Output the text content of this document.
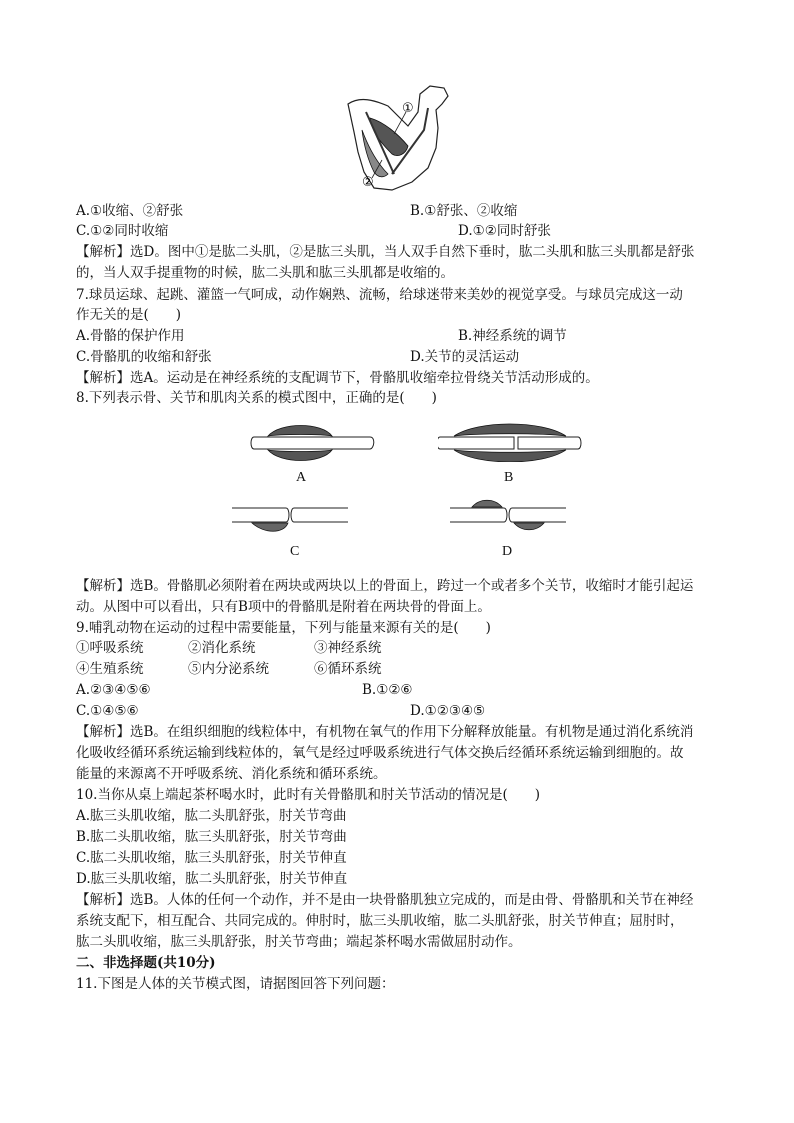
①
②
A.①收缩、②舒张	B.①舒张、②收缩
C.①②同时收缩	D.①②同时舒张
【解析】选D。图中①是肱二头肌，②是肱三头肌，当人双手自然下垂时，肱二头肌和肱三头肌都是舒张
的，当人双手提重物的时候，肱二头肌和肱三头肌都是收缩的。
7.球员运球、起跳、灌篮一气呵成，动作娴熟、流畅，给球迷带来美妙的视觉享受。与球员完成这一动
作无关的是(　　)
A.骨骼的保护作用	B.神经系统的调节
C.骨骼肌的收缩和舒张	D.关节的灵活运动
【解析】选A。运动是在神经系统的支配调节下，骨骼肌收缩牵拉骨绕关节活动形成的。
8.下列表示骨、关节和肌肉关系的模式图中，正确的是(　　)
A	B
C	D
【解析】选B。骨骼肌必须附着在两块或两块以上的骨面上，跨过一个或者多个关节，收缩时才能引起运
动。从图中可以看出，只有B项中的骨骼肌是附着在两块骨的骨面上。
9.哺乳动物在运动的过程中需要能量，下列与能量来源有关的是(　　)
①呼吸系统	②消化系统	③神经系统
④生殖系统	⑤内分泌系统	⑥循环系统
A.②③④⑤⑥	B.①②⑥
C.①④⑤⑥	D.①②③④⑤
【解析】选B。在组织细胞的线粒体中，有机物在氧气的作用下分解释放能量。有机物是通过消化系统消
化吸收经循环系统运输到线粒体的，氧气是经过呼吸系统进行气体交换后经循环系统运输到细胞的。故
能量的来源离不开呼吸系统、消化系统和循环系统。
10.当你从桌上端起茶杯喝水时，此时有关骨骼肌和肘关节活动的情况是(　　)
A.肱三头肌收缩，肱二头肌舒张，肘关节弯曲
B.肱二头肌收缩，肱三头肌舒张，肘关节弯曲
C.肱二头肌收缩，肱三头肌舒张，肘关节伸直
D.肱三头肌收缩，肱二头肌舒张，肘关节伸直
【解析】选B。人体的任何一个动作，并不是由一块骨骼肌独立完成的，而是由骨、骨骼肌和关节在神经
系统支配下，相互配合、共同完成的。伸肘时，肱三头肌收缩，肱二头肌舒张，肘关节伸直；屈肘时，
肱二头肌收缩，肱三头肌舒张，肘关节弯曲；端起茶杯喝水需做屈肘动作。
二、非选择题(共10分)
11.下图是人体的关节模式图，请据图回答下列问题：
